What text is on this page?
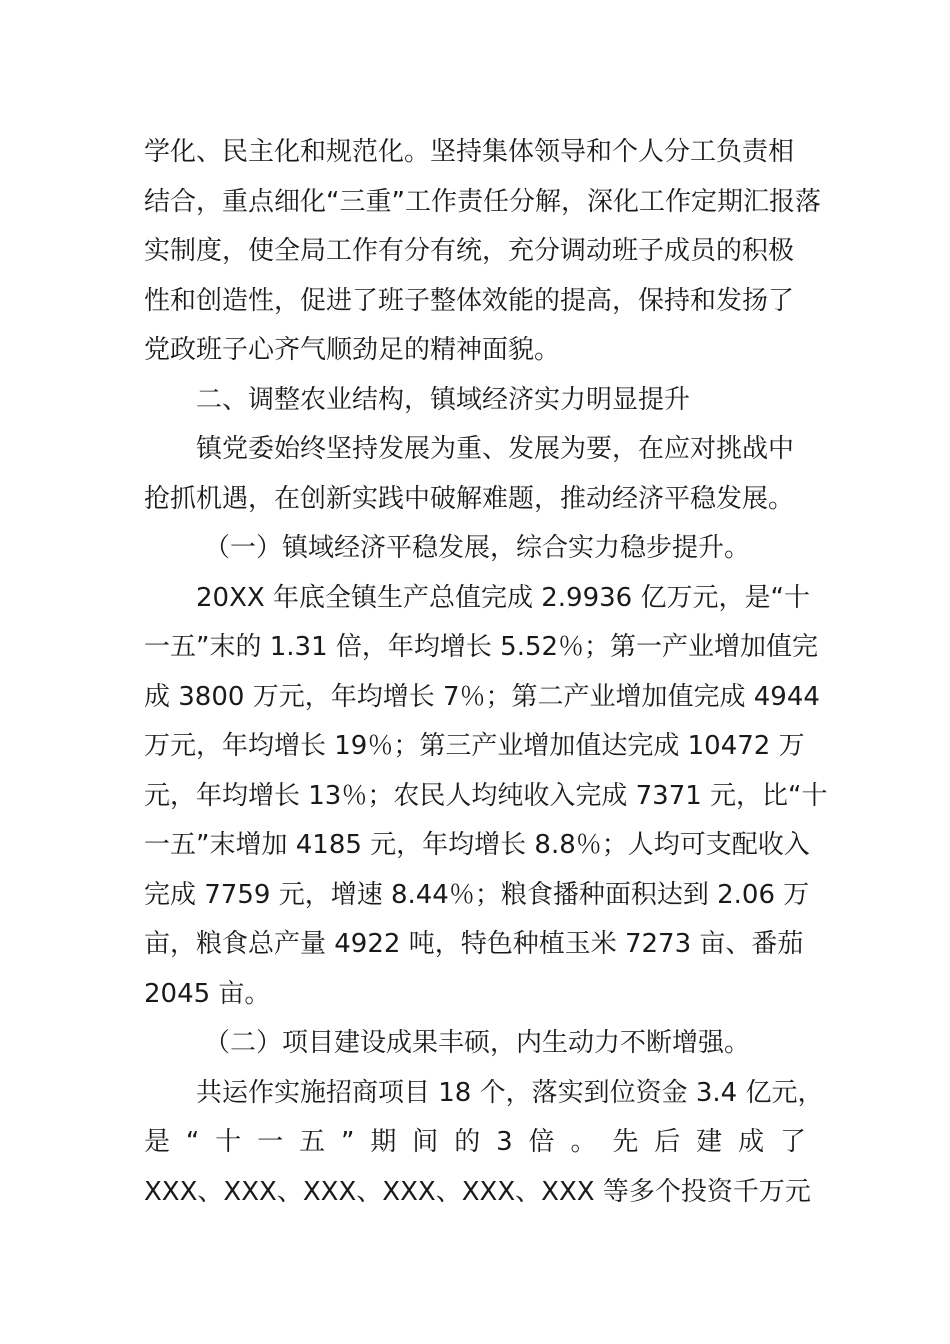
学化、民主化和规范化。坚持集体领导和个人分工负责相
结合，重点细化“三重”工作责任分解，深化工作定期汇报落
实制度，使全局工作有分有统，充分调动班子成员的积极
性和创造性，促进了班子整体效能的提高，保持和发扬了
党政班子心齐气顺劲足的精神面貌。
二、调整农业结构，镇域经济实力明显提升
镇党委始终坚持发展为重、发展为要，在应对挑战中
抢抓机遇，在创新实践中破解难题，推动经济平稳发展。
（一）镇域经济平稳发展，综合实力稳步提升。
20XX 年底全镇生产总值完成 2.9936 亿万元，是“十
一五”末的 1.31 倍，年均增长 5.52％；第一产业增加值完
成 3800 万元，年均增长 7％；第二产业增加值完成 4944
万元，年均增长 19％；第三产业增加值达完成 10472 万
元，年均增长 13％；农民人均纯收入完成 7371 元，比“十
一五”末增加 4185 元，年均增长 8.8％；人均可支配收入
完成 7759 元，增速 8.44％；粮食播种面积达到 2.06 万
亩，粮食总产量 4922 吨，特色种植玉米 7273 亩、番茄
2045 亩。
（二）项目建设成果丰硕，内生动力不断增强。
共运作实施招商项目 18 个，落实到位资金 3.4 亿元，
是 “ 十 一 五 ” 期 间 的 3 倍 。 先 后 建 成 了
XXX、XXX、XXX、XXX、XXX、XXX 等多个投资千万元
